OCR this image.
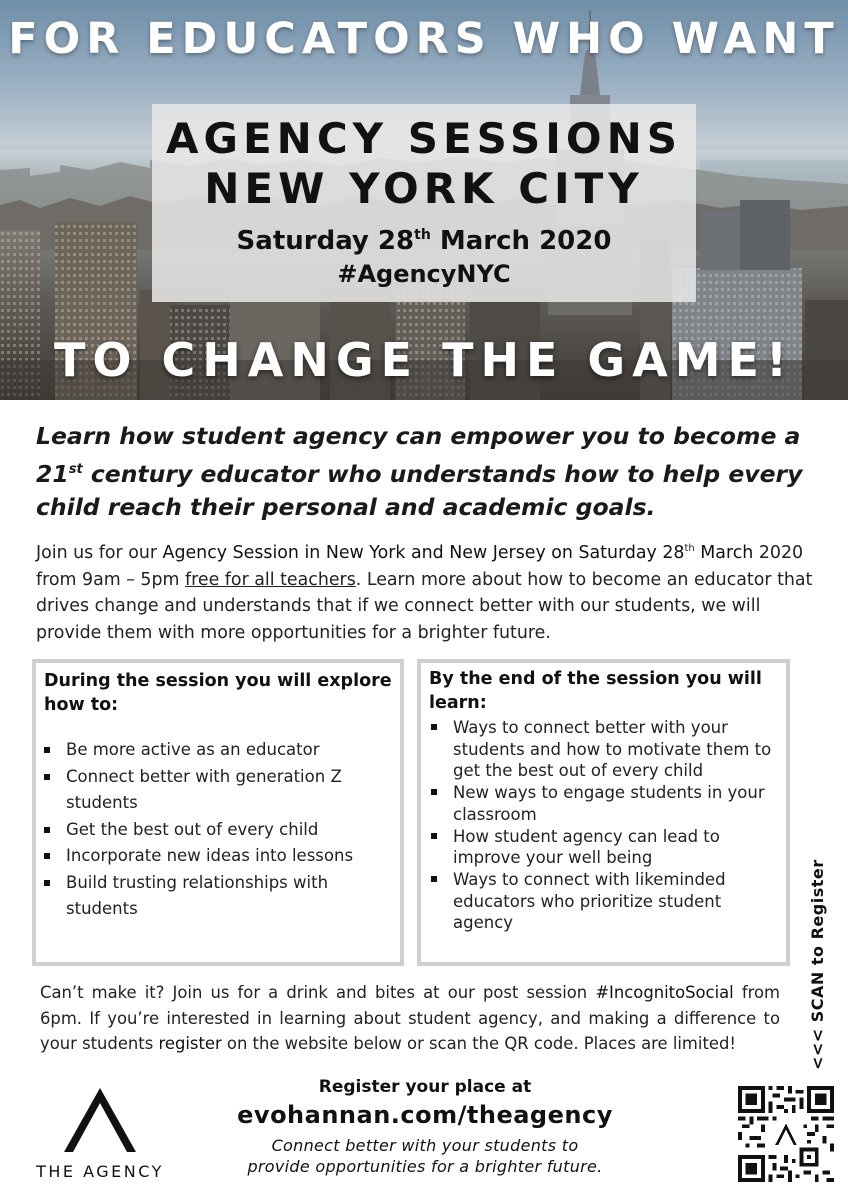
FOR EDUCATORS WHO WANT
AGENCY SESSIONS
NEW YORK CITY
Saturday 28th March 2020
#AgencyNYC
TO CHANGE THE GAME!
Learn how student agency can empower you to become a 21st century educator who understands how to help every child reach their personal and academic goals.
Join us for our Agency Session in New York and New Jersey on Saturday 28th March 2020 from 9am – 5pm free for all teachers. Learn more about how to become an educator that drives change and understands that if we connect better with our students, we will provide them with more opportunities for a brighter future.
During the session you will explore how to:
Be more active as an educator
Connect better with generation Z students
Get the best out of every child
Incorporate new ideas into lessons
Build trusting relationships with students
By the end of the session you will learn:
Ways to connect better with your students and how to motivate them to get the best out of every child
New ways to engage students in your classroom
How student agency can lead to improve your well being
Ways to connect with likeminded educators who prioritize student agency
Can’t make it? Join us for a drink and bites at our post session #IncognitoSocial from 6pm. If you’re interested in learning about student agency, and making a difference to your students register on the website below or scan the QR code. Places are limited!	<<< SCAN to Register
THE AGENCY
Register your place at
evohannan.com/theagency
Connect better with your students to
provide opportunities for a brighter future.
